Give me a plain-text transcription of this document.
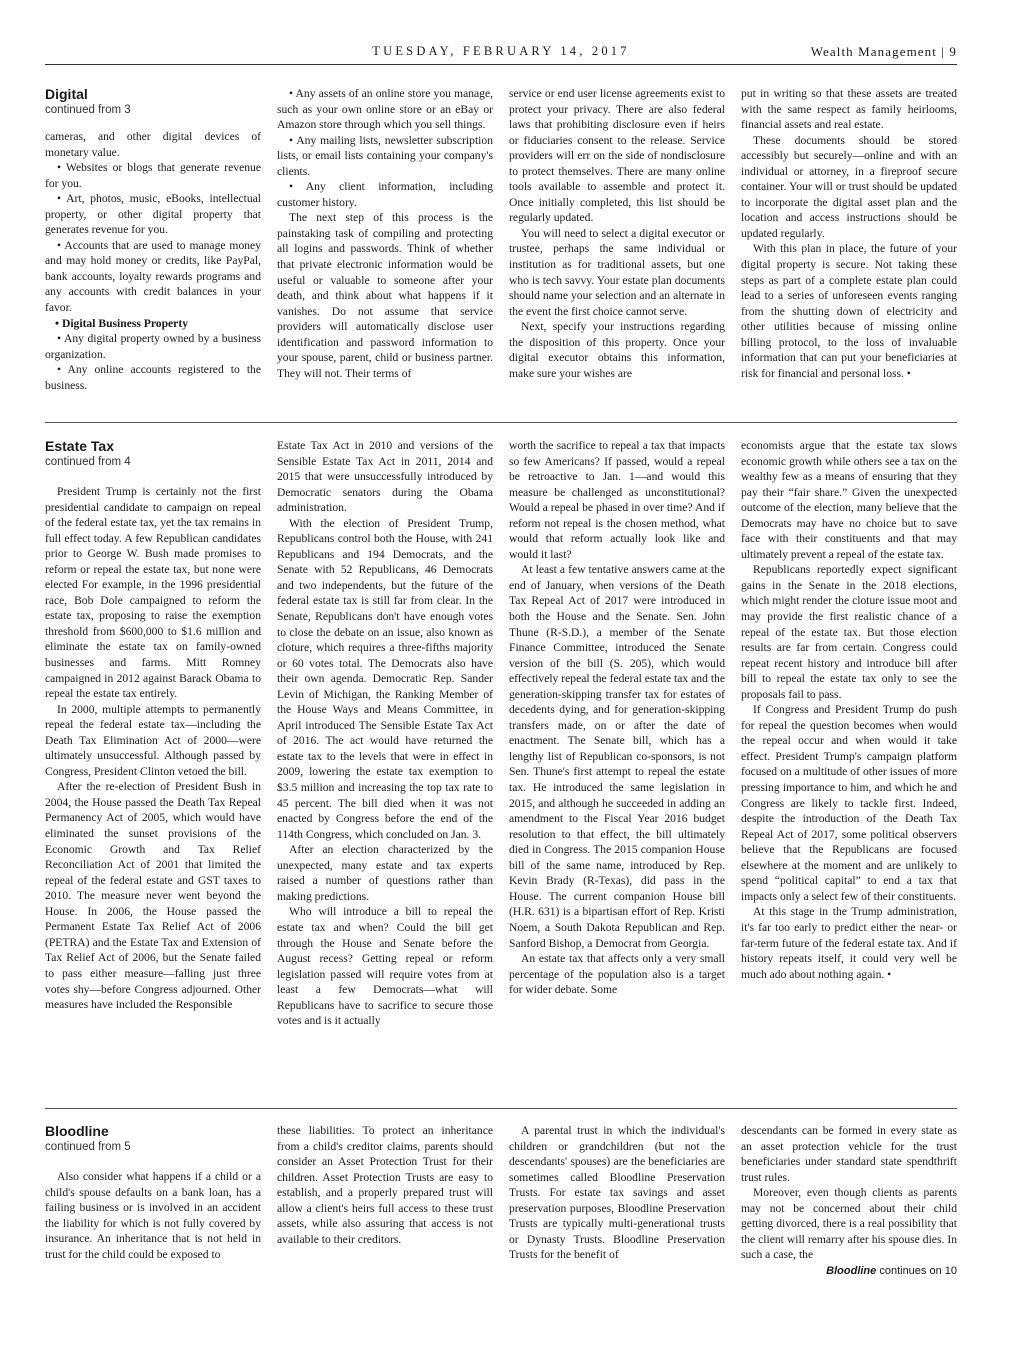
TUESDAY, FEBRUARY 14, 2017	Wealth Management | 9
Digital
continued from 3

cameras, and other digital devices of monetary value.

• Websites or blogs that generate revenue for you.

• Art, photos, music, eBooks, intellectual property, or other digital property that generates revenue for you.

• Accounts that are used to manage money and may hold money or credits, like PayPal, bank accounts, loyalty rewards programs and any accounts with credit balances in your favor.

• Digital Business Property

• Any digital property owned by a business organization.

• Any online accounts registered to the business.

• Any assets of an online store you manage, such as your own online store or an eBay or Amazon store through which you sell things.

• Any mailing lists, newsletter subscription lists, or email lists containing your company's clients.

• Any client information, including customer history.

The next step of this process is the painstaking task of compiling and protecting all logins and passwords. Think of whether that private electronic information would be useful or valuable to someone after your death, and think about what happens if it vanishes. Do not assume that service providers will automatically disclose user identification and password information to your spouse, parent, child or business partner. They will not. Their terms of

service or end user license agreements exist to protect your privacy. There are also federal laws that prohibiting disclosure even if heirs or fiduciaries consent to the release. Service providers will err on the side of nondisclosure to protect themselves. There are many online tools available to assemble and protect it. Once initially completed, this list should be regularly updated.

You will need to select a digital executor or trustee, perhaps the same individual or institution as for traditional assets, but one who is tech savvy. Your estate plan documents should name your selection and an alternate in the event the first choice cannot serve.

Next, specify your instructions regarding the disposition of this property. Once your digital executor obtains this information, make sure your wishes are

put in writing so that these assets are treated with the same respect as family heirlooms, financial assets and real estate.

These documents should be stored accessibly but securely—online and with an individual or attorney, in a fireproof secure container. Your will or trust should be updated to incorporate the digital asset plan and the location and access instructions should be updated regularly.

With this plan in place, the future of your digital property is secure. Not taking these steps as part of a complete estate plan could lead to a series of unforeseen events ranging from the shutting down of electricity and other utilities because of missing online billing protocol, to the loss of invaluable information that can put your beneficiaries at risk for financial and personal loss. •

Estate Tax
continued from 4

President Trump is certainly not the first presidential candidate to campaign on repeal of the federal estate tax, yet the tax remains in full effect today. A few Republican candidates prior to George W. Bush made promises to reform or repeal the estate tax, but none were elected For example, in the 1996 presidential race, Bob Dole campaigned to reform the estate tax, proposing to raise the exemption threshold from $600,000 to $1.6 million and eliminate the estate tax on family-owned businesses and farms. Mitt Romney campaigned in 2012 against Barack Obama to repeal the estate tax entirely.

In 2000, multiple attempts to permanently repeal the federal estate tax—including the Death Tax Elimination Act of 2000—were ultimately unsuccessful. Although passed by Congress, President Clinton vetoed the bill.

After the re-election of President Bush in 2004, the House passed the Death Tax Repeal Permanency Act of 2005, which would have eliminated the sunset provisions of the Economic Growth and Tax Relief Reconciliation Act of 2001 that limited the repeal of the federal estate and GST taxes to 2010. The measure never went beyond the House. In 2006, the House passed the Permanent Estate Tax Relief Act of 2006 (PETRA) and the Estate Tax and Extension of Tax Relief Act of 2006, but the Senate failed to pass either measure—falling just three votes shy—before Congress adjourned. Other measures have included the Responsible

Estate Tax Act in 2010 and versions of the Sensible Estate Tax Act in 2011, 2014 and 2015 that were unsuccessfully introduced by Democratic senators during the Obama administration.

With the election of President Trump, Republicans control both the House, with 241 Republicans and 194 Democrats, and the Senate with 52 Republicans, 46 Democrats and two independents, but the future of the federal estate tax is still far from clear. In the Senate, Republicans don't have enough votes to close the debate on an issue, also known as cloture, which requires a three-fifths majority or 60 votes total. The Democrats also have their own agenda. Democratic Rep. Sander Levin of Michigan, the Ranking Member of the House Ways and Means Committee, in April introduced The Sensible Estate Tax Act of 2016. The act would have returned the estate tax to the levels that were in effect in 2009, lowering the estate tax exemption to $3.5 million and increasing the top tax rate to 45 percent. The bill died when it was not enacted by Congress before the end of the 114th Congress, which concluded on Jan. 3.

After an election characterized by the unexpected, many estate and tax experts raised a number of questions rather than making predictions.

Who will introduce a bill to repeal the estate tax and when? Could the bill get through the House and Senate before the August recess? Getting repeal or reform legislation passed will require votes from at least a few Democrats—what will Republicans have to sacrifice to secure those votes and is it actually

worth the sacrifice to repeal a tax that impacts so few Americans? If passed, would a repeal be retroactive to Jan. 1—and would this measure be challenged as unconstitutional? Would a repeal be phased in over time? And if reform not repeal is the chosen method, what would that reform actually look like and would it last?

At least a few tentative answers came at the end of January, when versions of the Death Tax Repeal Act of 2017 were introduced in both the House and the Senate. Sen. John Thune (R-S.D.), a member of the Senate Finance Committee, introduced the Senate version of the bill (S. 205), which would effectively repeal the federal estate tax and the generation-skipping transfer tax for estates of decedents dying, and for generation-skipping transfers made, on or after the date of enactment. The Senate bill, which has a lengthy list of Republican co-sponsors, is not Sen. Thune's first attempt to repeal the estate tax. He introduced the same legislation in 2015, and although he succeeded in adding an amendment to the Fiscal Year 2016 budget resolution to that effect, the bill ultimately died in Congress. The 2015 companion House bill of the same name, introduced by Rep. Kevin Brady (R-Texas), did pass in the House. The current companion House bill (H.R. 631) is a bipartisan effort of Rep. Kristi Noem, a South Dakota Republican and Rep. Sanford Bishop, a Democrat from Georgia.

An estate tax that affects only a very small percentage of the population also is a target for wider debate. Some

economists argue that the estate tax slows economic growth while others see a tax on the wealthy few as a means of ensuring that they pay their “fair share.” Given the unexpected outcome of the election, many believe that the Democrats may have no choice but to save face with their constituents and that may ultimately prevent a repeal of the estate tax.

Republicans reportedly expect significant gains in the Senate in the 2018 elections, which might render the cloture issue moot and may provide the first realistic chance of a repeal of the estate tax. But those election results are far from certain. Congress could repeat recent history and introduce bill after bill to repeal the estate tax only to see the proposals fail to pass.

If Congress and President Trump do push for repeal the question becomes when would the repeal occur and when would it take effect. President Trump's campaign platform focused on a multitude of other issues of more pressing importance to him, and which he and Congress are likely to tackle first. Indeed, despite the introduction of the Death Tax Repeal Act of 2017, some political observers believe that the Republicans are focused elsewhere at the moment and are unlikely to spend “political capital” to end a tax that impacts only a select few of their constituents.

At this stage in the Trump administration, it's far too early to predict either the near- or far-term future of the federal estate tax. And if history repeats itself, it could very well be much ado about nothing again. •

Bloodline
continued from 5

Also consider what happens if a child or a child's spouse defaults on a bank loan, has a failing business or is involved in an accident the liability for which is not fully covered by insurance. An inheritance that is not held in trust for the child could be exposed to

these liabilities. To protect an inheritance from a child's creditor claims, parents should consider an Asset Protection Trust for their children. Asset Protection Trusts are easy to establish, and a properly prepared trust will allow a client's heirs full access to these trust assets, while also assuring that access is not available to their creditors.

A parental trust in which the individual's children or grandchildren (but not the descendants' spouses) are the beneficiaries are sometimes called Bloodline Preservation Trusts. For estate tax savings and asset preservation purposes, Bloodline Preservation Trusts are typically multi-generational trusts or Dynasty Trusts. Bloodline Preservation Trusts for the benefit of

descendants can be formed in every state as an asset protection vehicle for the trust beneficiaries under standard state spendthrift trust rules.

Moreover, even though clients as parents may not be concerned about their child getting divorced, there is a real possibility that the client will remarry after his spouse dies. In such a case, the

Bloodline continues on 10
